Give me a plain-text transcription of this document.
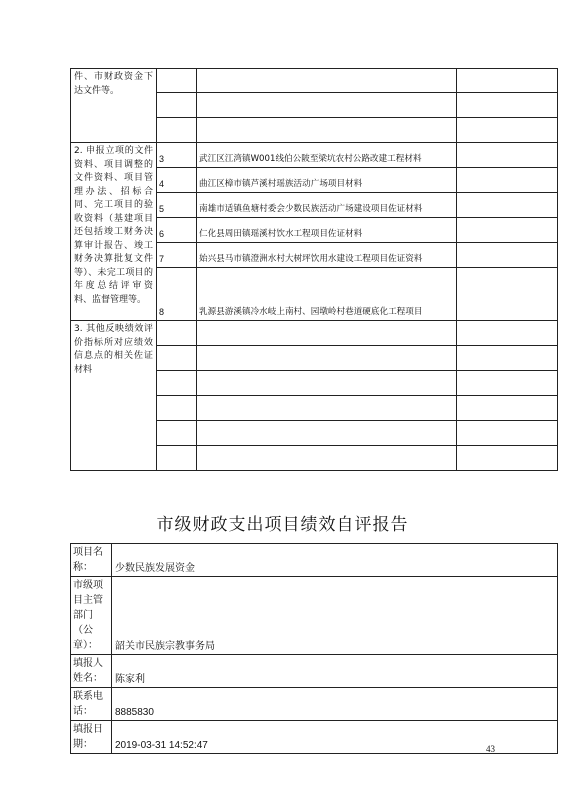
件、市财政资金下达文件等。			

2. 申报立项的文件资料、项目调整的文件资料、项目管理办法、招标合同、完工项目的验收资料（基建项目还包括竣工财务决算审计报告、竣工财务决算批复文件等）、未完工项目的年度总结评审资料、监督管理等。	3	武江区江湾镇W001线伯公陂至梁坑农村公路改建工程材料	
	4	曲江区樟市镇芦溪村瑶族活动广场项目材料	
	5	南雄市适镇鱼塘村委会少数民族活动广场建设项目佐证材料	
	6	仁化县周田镇瑶溪村饮水工程项目佐证材料	
	7	始兴县马市镇澄洲水村大树坪饮用水建设工程项目佐证资料	
	8	乳源县游溪镇冷水岐上南村、园墩岭村巷道硬底化工程项目	
3. 其他反映绩效评价指标所对应绩效信息点的相关佐证材料			

市级财政支出项目绩效自评报告
项目名称：	少数民族发展资金
市级项目主管部门（公章）：	韶关市民族宗教事务局
填报人姓名：	陈家利
联系电话：	8885830
填报日期：	2019-03-31 14:52:47	43
